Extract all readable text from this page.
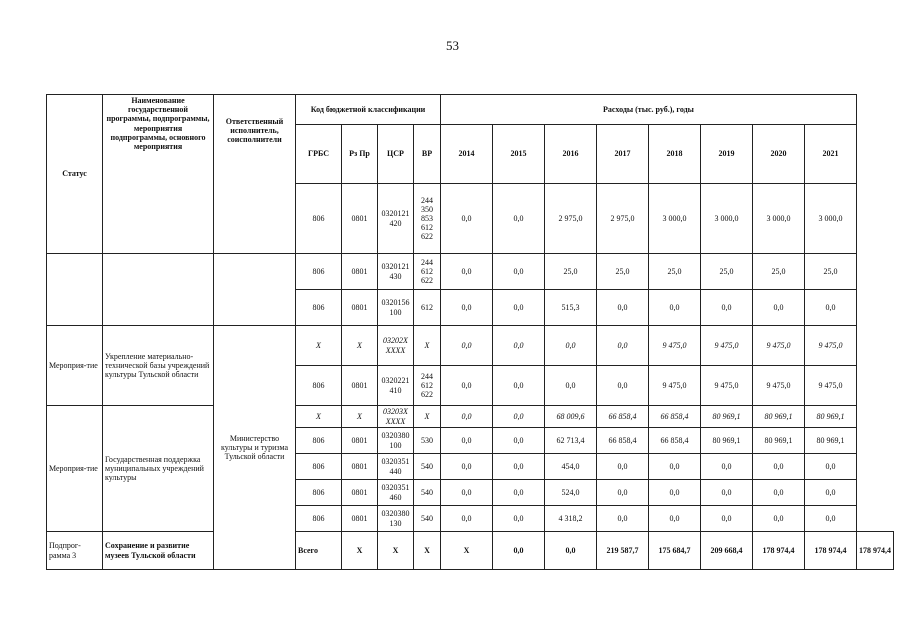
53
Статус	Наименование государственной программы, подпрограммы, мероприятия подпрограммы, основного мероприятия	Ответственный исполнитель, соисполнители	Код бюджетной классификации				Расходы (тыс. руб.), годы								
			ГРБС	Рз Пр	ЦСР	ВР	2014	2015	2016	2017	2018	2019	2020	2021	
			806	0801	0320121420	244 350 853 612 622	0,0	0,0	2 975,0	2 975,0	3 000,0	3 000,0	3 000,0	3 000,0	
			806	0801	0320121430	244 612 622	0,0	0,0	25,0	25,0	25,0	25,0	25,0	25,0	
			806	0801	0320156100	612	0,0	0,0	515,3	0,0	0,0	0,0	0,0	0,0	
Мероприя-тие	Укрепление материально-технической базы учреждений культуры Тульской области	Министерство культуры и туризма Тульской области	X	X	03202X XXXX	X	0,0	0,0	0,0	0,0	9 475,0	9 475,0	9 475,0	9 475,0	
			806	0801	0320221410	244 612 622	0,0	0,0	0,0	0,0	9 475,0	9 475,0	9 475,0	9 475,0	
Мероприя-тие	Государственная поддержка муниципальных учреждений культуры		X	X	03203X XXXX	X	0,0	0,0	68 009,6	66 858,4	66 858,4	80 969,1	80 969,1	80 969,1	
			806	0801	0320380100	530	0,0	0,0	62 713,4	66 858,4	66 858,4	80 969,1	80 969,1	80 969,1	
			806	0801	0320351440	540	0,0	0,0	454,0	0,0	0,0	0,0	0,0	0,0	
			806	0801	0320351460	540	0,0	0,0	524,0	0,0	0,0	0,0	0,0	0,0	
			806	0801	0320380130	540	0,0	0,0	4 318,2	0,0	0,0	0,0	0,0	0,0	
Подпрог-рамма 3	Сохранение и развитие музеев Тульской области		Всего	X	X	X	X	0,0	0,0	219 587,7	175 684,7	209 668,4	178 974,4	178 974,4	178 974,4
